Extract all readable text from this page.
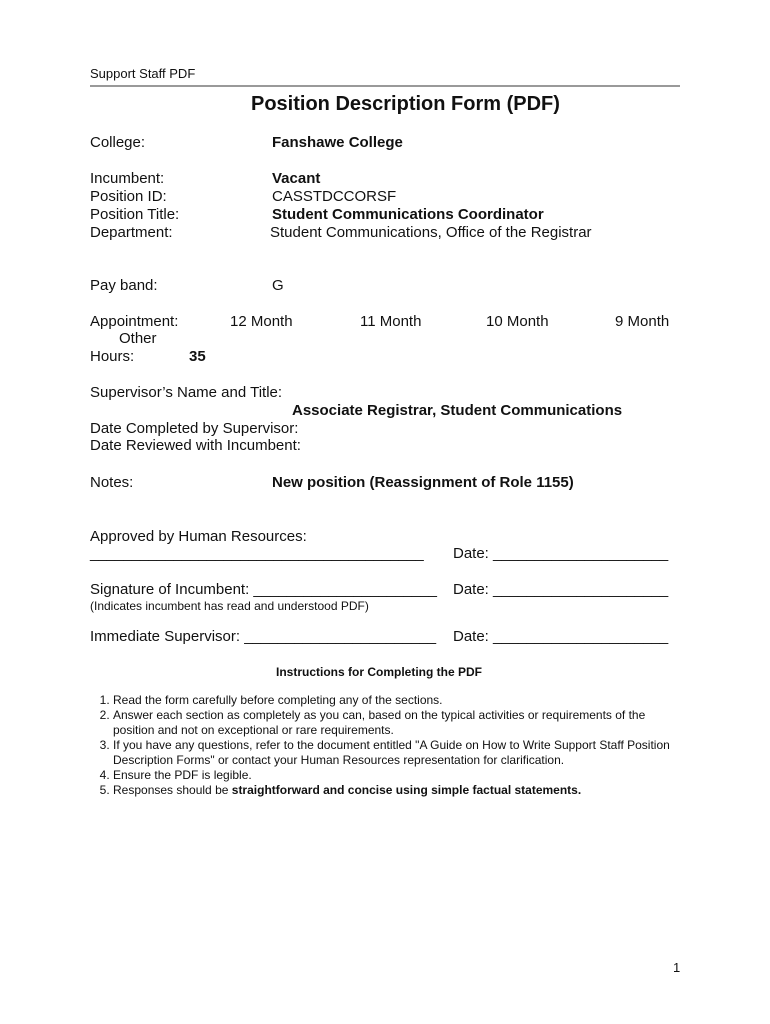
Support Staff PDF
Position Description Form (PDF)
College:	Fanshawe College
Incumbent:	Vacant
Position ID:	CASSTDCCORSF
Position Title:	Student Communications Coordinator
Department:	Student Communications, Office of the Registrar
Pay band:	G
Appointment:	12 Month	11 Month	10 Month	9 Month
Other
Hours:	35
Supervisor’s Name and Title:
Associate Registrar, Student Communications
Date Completed by Supervisor:
Date Reviewed with Incumbent:
Notes:	New position (Reassignment of Role 1155)
Approved by Human Resources:
________________________________________ Date: _____________________
Signature of Incumbent: ______________________ Date: _____________________
(Indicates incumbent has read and understood PDF)
Immediate Supervisor: _______________________ Date: _____________________
Instructions for Completing the PDF
1. Read the form carefully before completing any of the sections.
2. Answer each section as completely as you can, based on the typical activities or requirements of the position and not on exceptional or rare requirements.
3. If you have any questions, refer to the document entitled "A Guide on How to Write Support Staff Position Description Forms" or contact your Human Resources representation for clarification.
4. Ensure the PDF is legible.
5. Responses should be straightforward and concise using simple factual statements.
1
